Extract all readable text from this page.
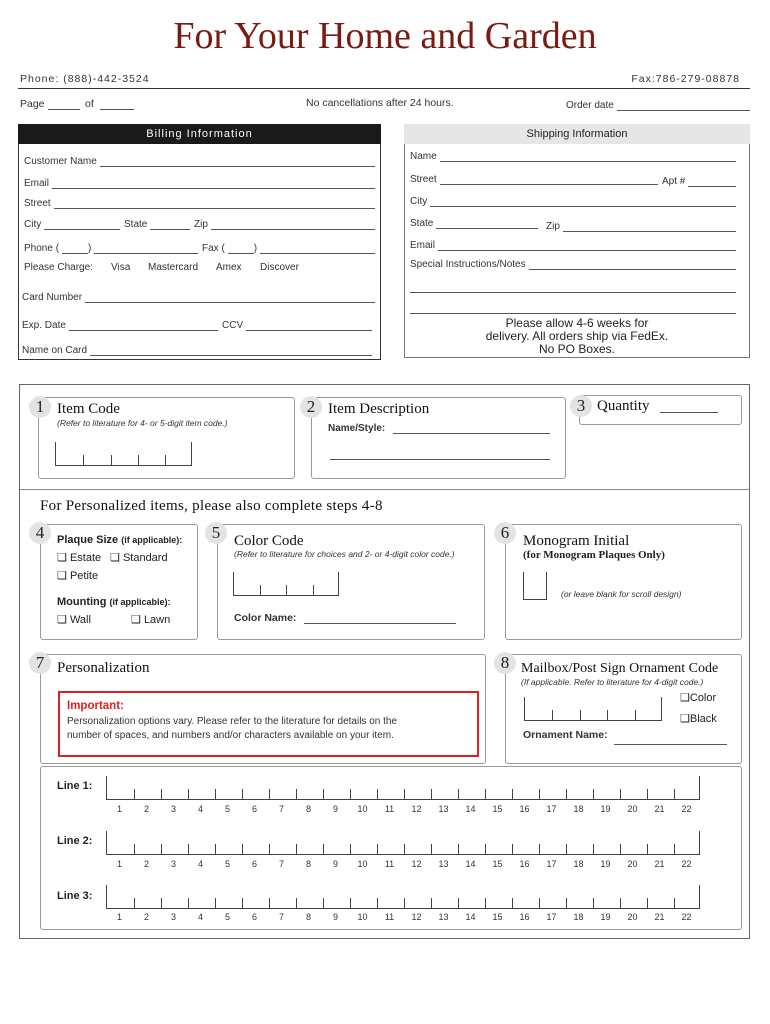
For Your Home and Garden
Phone: (888)-442-3524	Fax:786-279-08878
Page	of	No cancellations after 24 hours.	Order date
Billing Information
Customer Name
Email
Street
City	State	Zip
Phone (	)	Fax (	)
Please Charge: Visa Mastercard Amex Discover
Card Number
Exp. Date	CCV
Name on Card
Shipping Information
Name
Street	Apt #
City
State	Zip
Email
Special Instructions/Notes
Please allow 4-6 weeks for
delivery. All orders ship via FedEx.
No PO Boxes.
1 Item Code
(Refer to literature for 4- or 5-digit item code.)
2 Item Description
Name/Style:
3 Quantity
For Personalized items, please also complete steps 4-8
4	Plaque Size (if applicable):
❑ Estate ❑ Standard
❑ Petite
Mounting (if applicable):
❑ Wall	❑ Lawn
5 Color Code
(Refer to literature for choices and 2- or 4-digit color code.)
Color Name:
6 Monogram Initial
(for Monogram Plaques Only)
(or leave blank for scroll design)
7 Personalization
Important:
Personalization options vary. Please refer to the literature for details on the
number of spaces, and numbers and/or characters available on your item.
8 Mailbox/Post Sign Ornament Code
(If applicable. Refer to literature for 4-digit code.)
❑Color
❑Black
Ornament Name:
Line 1:
1	2	3	4	5	6	7	8	9	10	11	12	13	14	15	16	17	18	19	20	21	22
Line 2:
1	2	3	4	5	6	7	8	9	10	11	12	13	14	15	16	17	18	19	20	21	22
Line 3:
1	2	3	4	5	6	7	8	9	10	11	12	13	14	15	16	17	18	19	20	21	22
